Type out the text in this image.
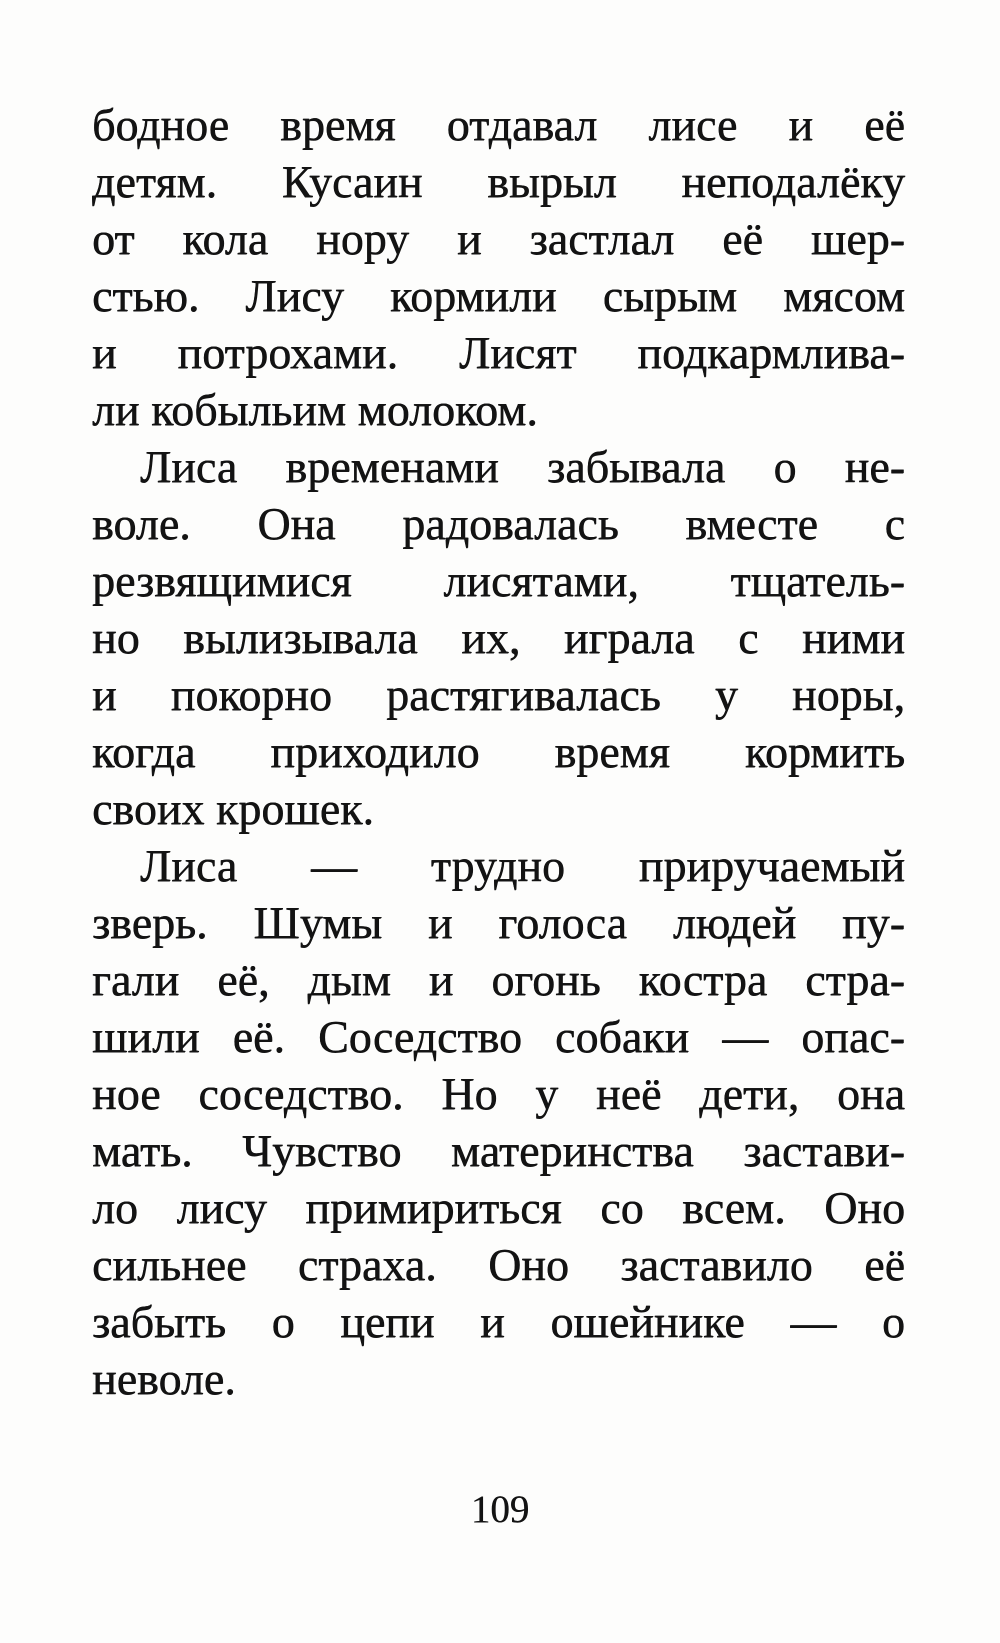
бодное время отдавал лисе и её

детям. Кусаин вырыл неподалёку

от кола нору и застлал её шер-

стью. Лису кормили сырым мясом

и потрохами. Лисят подкармлива-

ли кобыльим молоком.

Лиса временами забывала о не-

воле. Она радовалась вместе с

резвящимися лисятами, тщатель-

но вылизывала их, играла с ними

и покорно растягивалась у норы,

когда приходило время кормить

своих крошек.

Лиса — трудно приручаемый

зверь. Шумы и голоса людей пу-

гали её, дым и огонь костра стра-

шили её. Соседство собаки — опас-

ное соседство. Но у неё дети, она

мать. Чувство материнства застави-

ло лису примириться со всем. Оно

сильнее страха. Оно заставило её

забыть о цепи и ошейнике — о

неволе.

109
